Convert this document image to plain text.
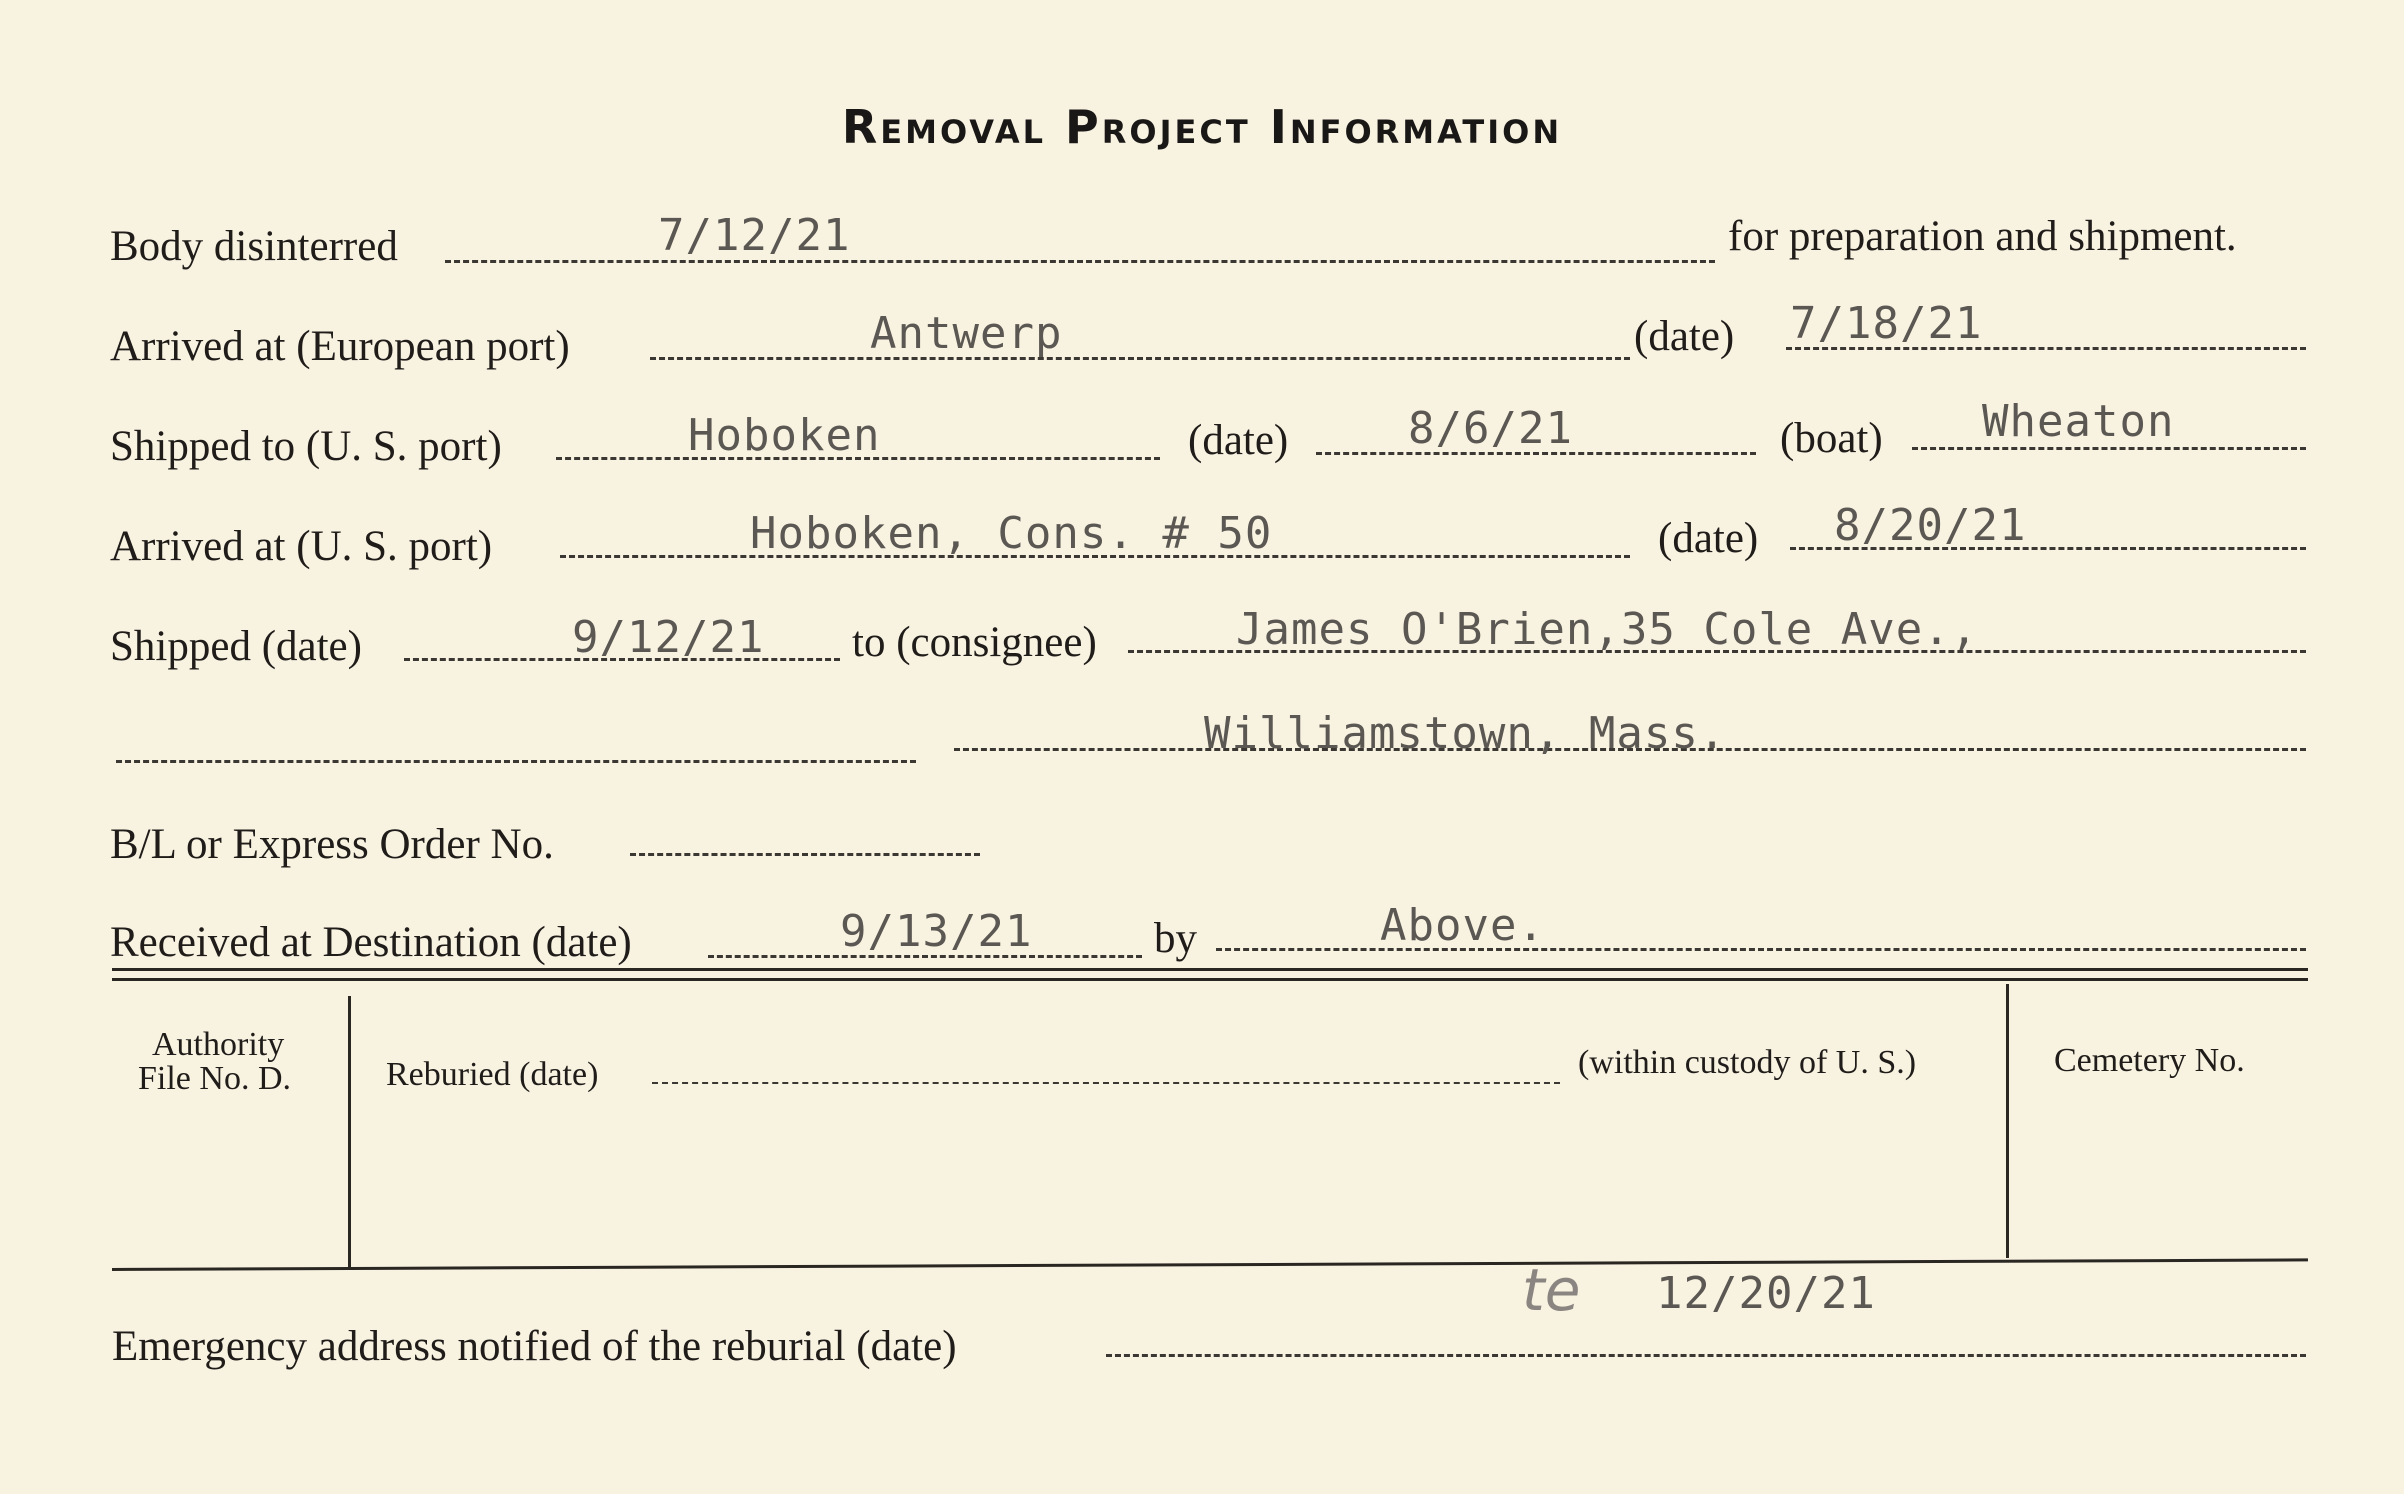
Removal Project Information
Body disinterred	7/12/21	for preparation and shipment.
Arrived at (European port)	Antwerp	(date) 7/18/21
Shipped to (U. S. port)	Hoboken	(date)	8/6/21	(boat) Wheaton
Arrived at (U. S. port)	Hoboken, Cons. # 50	(date) 8/20/21
Shipped (date)	9/12/21 to (consignee)	James O'Brien,35 Cole Ave.,
Williamstown, Mass.
B/L or Express Order No.
Received at Destination (date)	9/13/21	by	Above.
Authority
File No. D.	Reburied (date)	(within custody of U. S.)	Cemetery No.
Emergency address notified of the reburial (date)
te 12/20/21
